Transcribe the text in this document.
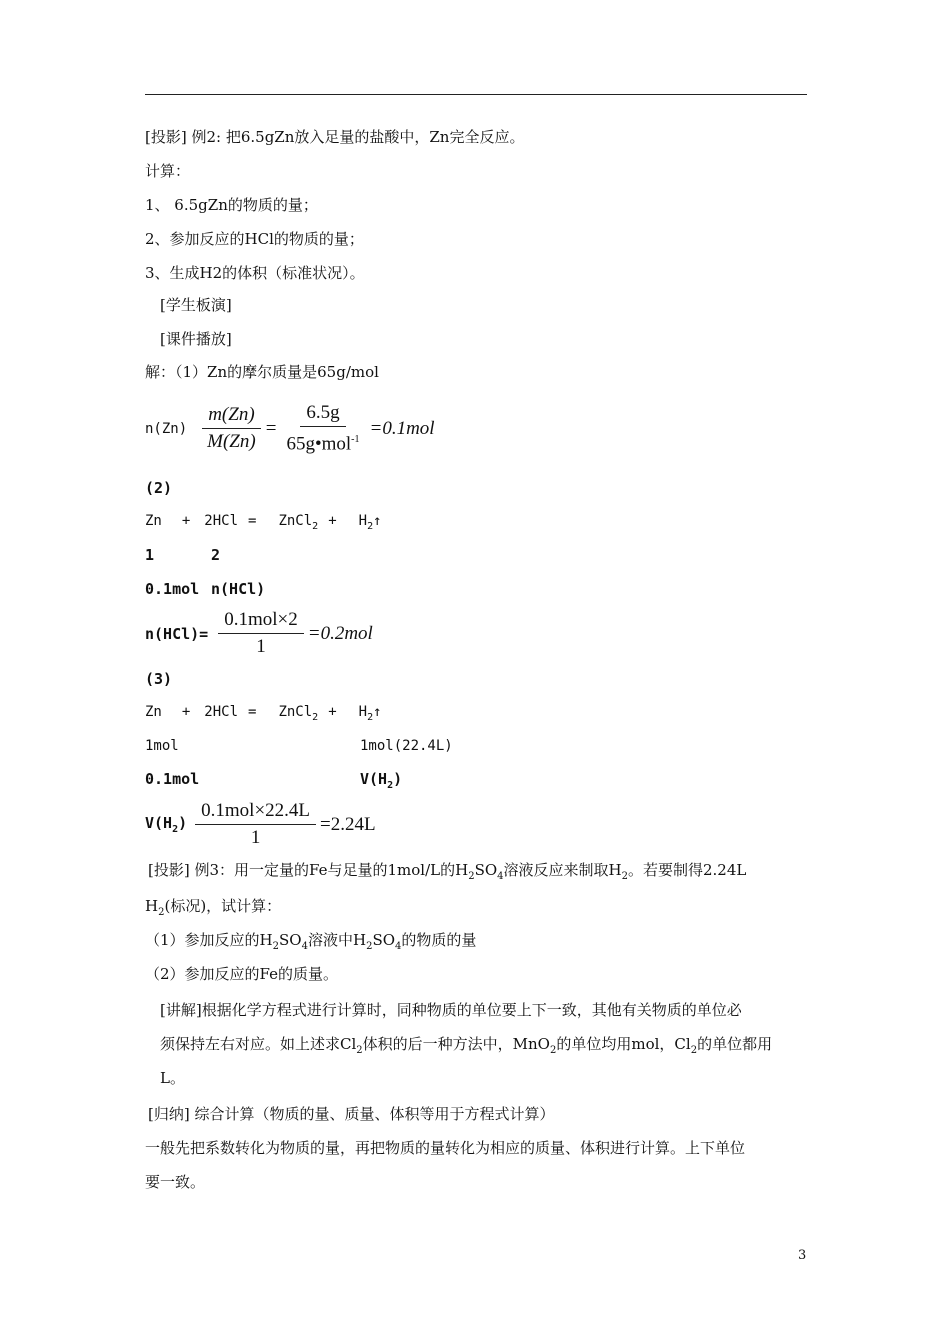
[投影] 例2: 把6.5gZn放入足量的盐酸中，Zn完全反应。
计算：
1、 6.5gZn的物质的量；
2、参加反应的HCl的物质的量；
3、生成H2的体积（标准状况）。
[学生板演]
[课件播放]
解：（1）Zn的摩尔质量是65g/mol
$n(Zn) \frac{m(Zn)}{M(Zn)} = \frac{6.5g}{65g•mol^{-1}} =0.1mol$
(2)
Zn + 2HCl = ZnCl$_2$ + $H_2↑$
1	2
0.1mol n(HCl)
$n(HCl)= \frac{\text{0.1mol×2}}{1} =0.2mol$
(3)
Zn + 2HCl = ZnCl$_2$ + $H_2↑$
1mol	1mol(22.4L)
0.1mol	$V(H_2)$
$V(H_2) \frac{\text{0.1mol×22.4L}}{1} =2.24L$
[投影] 例3：用一定量的Fe与足量的1mol/L的$H_2SO_4$溶液反应来制取$H_2$。若要制得2.24L
$H_2$(标况)，试计算：
（1）参加反应的$H_2SO_4$溶液中$H_2SO_4$的物质的量
（2）参加反应的Fe的质量。
[讲解]根据化学方程式进行计算时，同种物质的单位要上下一致，其他有关物质的单位必
须保持左右对应。如上述求$Cl_2$体积的后一种方法中，MnO$_2$的单位均用mol，$Cl_2$的单位都用
L。
[归纳] 综合计算（物质的量、质量、体积等用于方程式计算）
一般先把系数转化为物质的量，再把物质的量转化为相应的质量、体积进行计算。上下单位
要一致。
3
